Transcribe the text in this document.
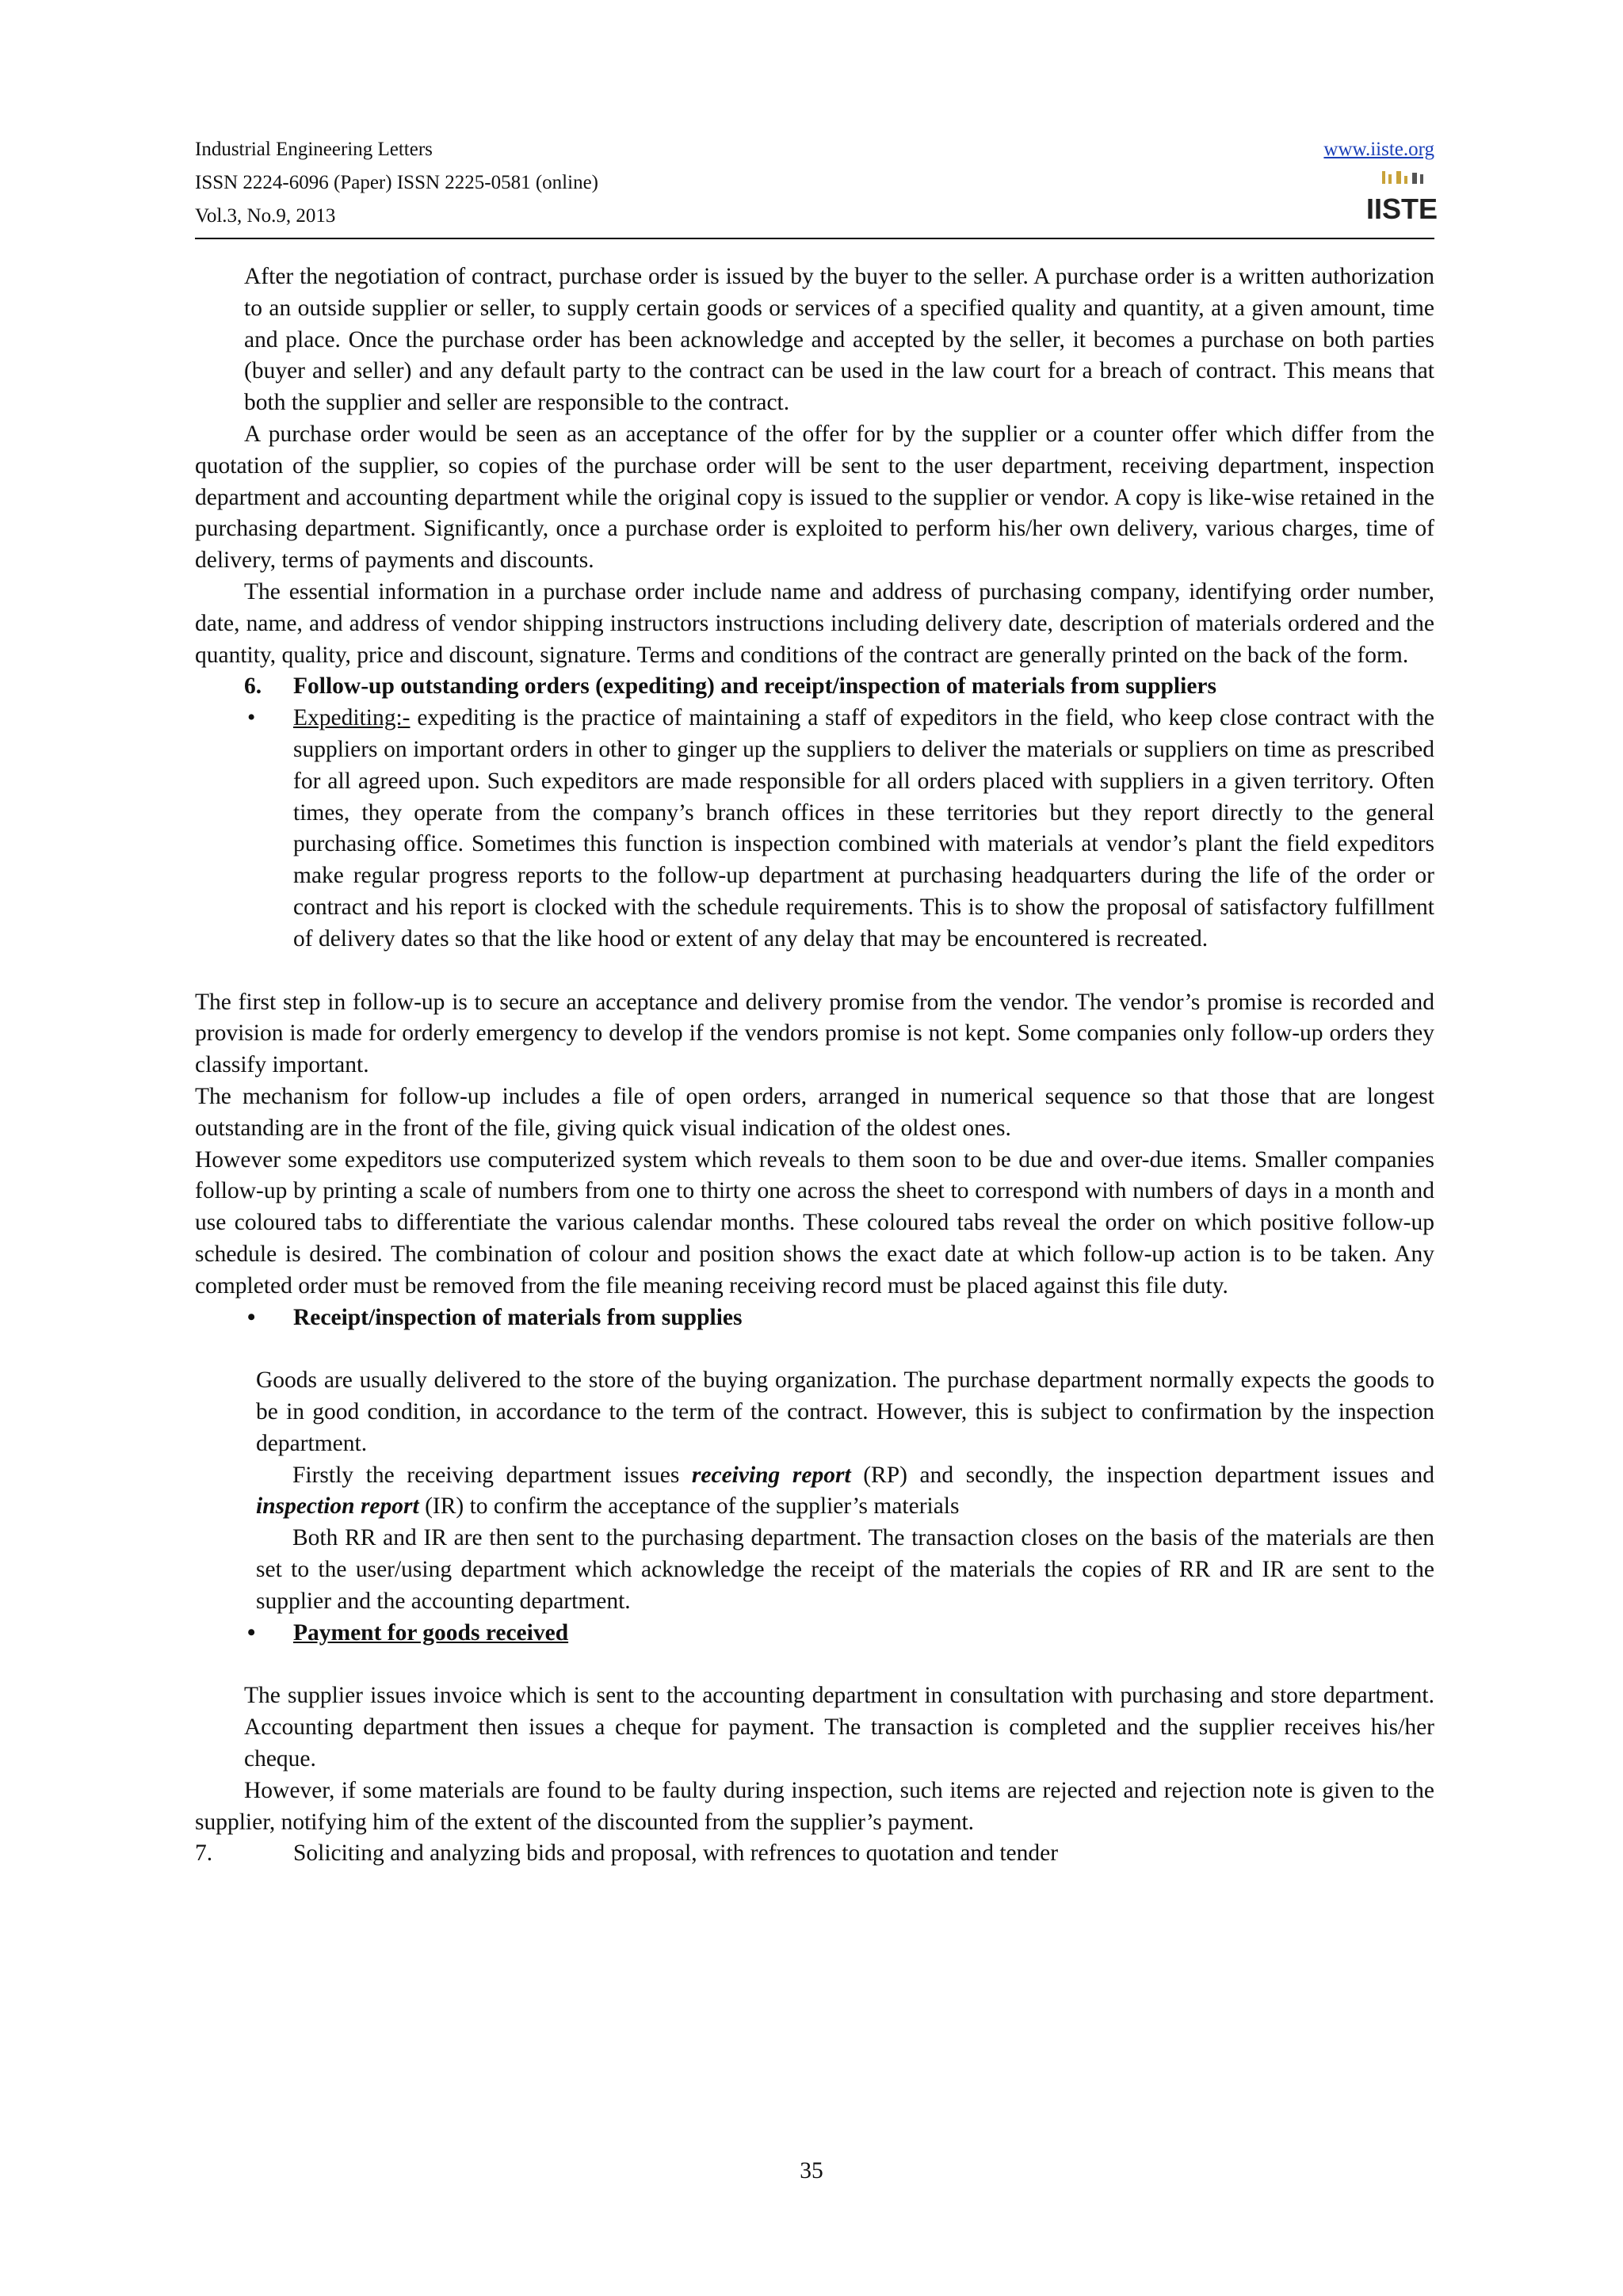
Industrial Engineering Letters
ISSN 2224-6096 (Paper) ISSN 2225-0581 (online)
Vol.3, No.9, 2013
www.iiste.org
IISTE

After the negotiation of contract, purchase order is issued by the buyer to the seller. A purchase order is a written authorization to an outside supplier or seller, to supply certain goods or services of a specified quality and quantity, at a given amount, time and place. Once the purchase order has been acknowledge and accepted by the seller, it becomes a purchase on both parties (buyer and seller) and any default party to the contract can be used in the law court for a breach of contract. This means that both the supplier and seller are responsible to the contract.

A purchase order would be seen as an acceptance of the offer for by the supplier or a counter offer which differ from the quotation of the supplier, so copies of the purchase order will be sent to the user department, receiving department, inspection department and accounting department while the original copy is issued to the supplier or vendor. A copy is like-wise retained in the purchasing department. Significantly, once a purchase order is exploited to perform his/her own delivery, various charges, time of delivery, terms of payments and discounts.

The essential information in a purchase order include name and address of purchasing company, identifying order number, date, name, and address of vendor shipping instructors instructions including delivery date, description of materials ordered and the quantity, quality, price and discount, signature. Terms and conditions of the contract are generally printed on the back of the form.

6. Follow-up outstanding orders (expediting) and receipt/inspection of materials from suppliers

• Expediting:- expediting is the practice of maintaining a staff of expeditors in the field, who keep close contract with the suppliers on important orders in other to ginger up the suppliers to deliver the materials or suppliers on time as prescribed for all agreed upon. Such expeditors are made responsible for all orders placed with suppliers in a given territory. Often times, they operate from the company’s branch offices in these territories but they report directly to the general purchasing office. Sometimes this function is inspection combined with materials at vendor’s plant the field expeditors make regular progress reports to the follow-up department at purchasing headquarters during the life of the order or contract and his report is clocked with the schedule requirements. This is to show the proposal of satisfactory fulfillment of delivery dates so that the like hood or extent of any delay that may be encountered is recreated.

The first step in follow-up is to secure an acceptance and delivery promise from the vendor. The vendor’s promise is recorded and provision is made for orderly emergency to develop if the vendors promise is not kept. Some companies only follow-up orders they classify important.

The mechanism for follow-up includes a file of open orders, arranged in numerical sequence so that those that are longest outstanding are in the front of the file, giving quick visual indication of the oldest ones.

However some expeditors use computerized system which reveals to them soon to be due and over-due items. Smaller companies follow-up by printing a scale of numbers from one to thirty one across the sheet to correspond with numbers of days in a month and use coloured tabs to differentiate the various calendar months. These coloured tabs reveal the order on which positive follow-up schedule is desired. The combination of colour and position shows the exact date at which follow-up action is to be taken. Any completed order must be removed from the file meaning receiving record must be placed against this file duty.

• Receipt/inspection of materials from supplies

Goods are usually delivered to the store of the buying organization. The purchase department normally expects the goods to be in good condition, in accordance to the term of the contract. However, this is subject to confirmation by the inspection department.

Firstly the receiving department issues receiving report (RP) and secondly, the inspection department issues and inspection report (IR) to confirm the acceptance of the supplier’s materials

Both RR and IR are then sent to the purchasing department. The transaction closes on the basis of the materials are then set to the user/using department which acknowledge the receipt of the materials the copies of RR and IR are sent to the supplier and the accounting department.

• Payment for goods received

The supplier issues invoice which is sent to the accounting department in consultation with purchasing and store department. Accounting department then issues a cheque for payment. The transaction is completed and the supplier receives his/her cheque.

However, if some materials are found to be faulty during inspection, such items are rejected and rejection note is given to the supplier, notifying him of the extent of the discounted from the supplier’s payment.

7.	Soliciting and analyzing bids and proposal, with refrences to quotation and tender

35
